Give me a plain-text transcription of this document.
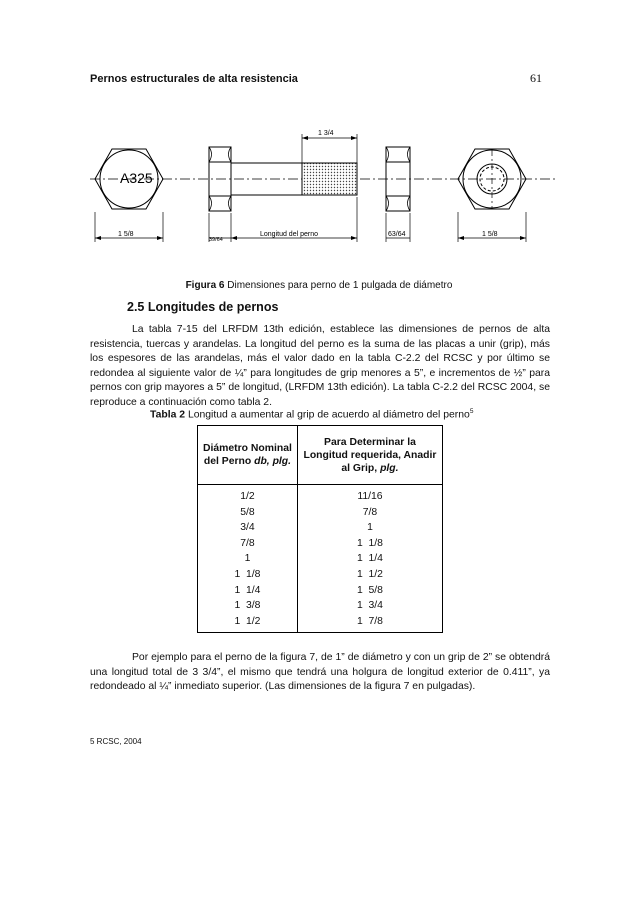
Pernos estructurales de alta resistencia	61
A325
1 3/4
1 5/8
39/64
Longitud del perno	63/64	1 5/8
Figura 6 Dimensiones para perno de 1 pulgada de diámetro
2.5 Longitudes de pernos
La tabla 7-15 del LRFDM 13th edición, establece las dimensiones de pernos de alta resistencia, tuercas y arandelas. La longitud del perno es la suma de las placas a unir (grip), más los espesores de las arandelas, más el valor dado en la tabla C-2.2 del RCSC y por último se redondea al siguiente valor de ¼” para longitudes de grip menores a 5”, e incrementos de ½” para pernos con grip mayores a 5” de longitud, (LRFDM 13th edición). La tabla C-2.2 del RCSC 2004, se reproduce a continuación como tabla 2.
Tabla 2 Longitud a aumentar al grip de acuerdo al diámetro del perno$^5$
Diámetro Nominal del Perno db, plg.	Para Determinar la Longitud requerida, Anadir al Grip, plg.
1/2	11/16
5/8	7/8
3/4	1
7/8	1  1/8
1	1  1/4
1  1/8	1  1/2
1  1/4	1  5/8
1  3/8	1  3/4
1  1/2	1  7/8
Por ejemplo para el perno de la figura 7, de 1” de diámetro y con un grip de 2” se obtendrá una longitud total de 3 3/4”, el mismo que tendrá una holgura de longitud exterior de 0.411”, ya redondeado al ¼” inmediato superior. (Las dimensiones de la figura 7 en pulgadas).
5 RCSC, 2004
